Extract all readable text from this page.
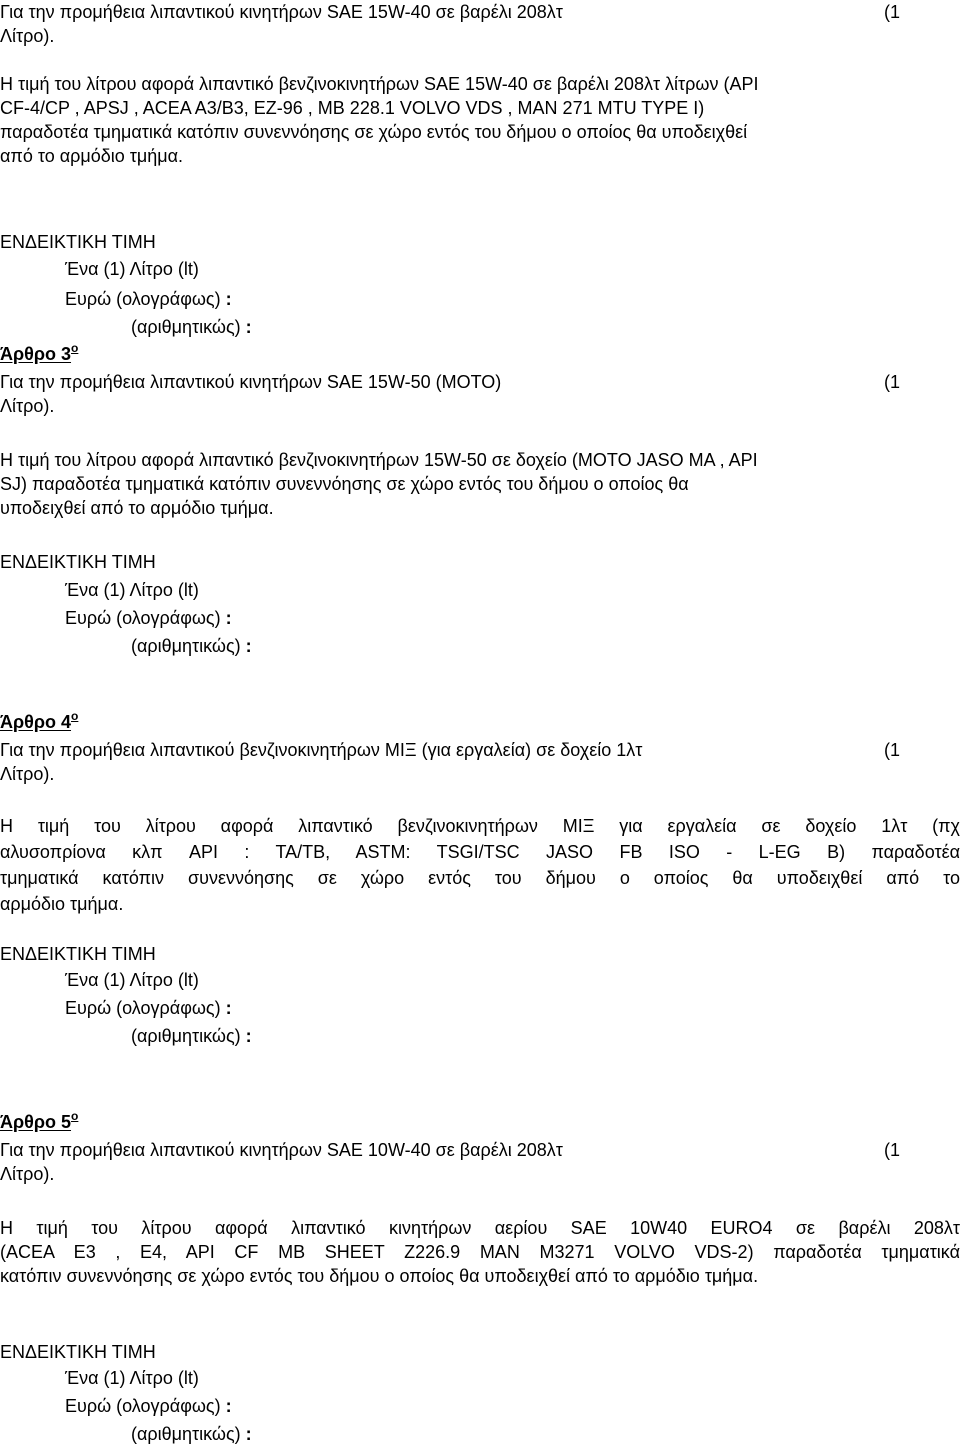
Για την προμήθεια λιπαντικού κινητήρων SAE 15W-40 σε βαρέλι 208λτ	(1
Λίτρο).
Η τιμή του λίτρου αφορά λιπαντικό βενζινοκινητήρων SAE 15W-40 σε βαρέλι 208λτ λίτρων (API
CF-4/CP , APSJ , ACEA A3/B3, EZ-96 , MB 228.1 VOLVO VDS , MAN 271 MTU TYPE I)
παραδοτέα τμηματικά κατόπιν συνεννόησης σε χώρο εντός του δήμου ο οποίος θα υποδειχθεί
από το αρμόδιο τμήμα.
ΕΝΔΕΙΚΤΙΚΗ ΤΙΜΗ
Ένα (1) Λίτρο (lt)
Ευρώ (ολογράφως) :
(αριθμητικώς) :
Άρθρο $3^o$
Για την προμήθεια λιπαντικού κινητήρων SAE 15W-50 (MOTO)	(1
Λίτρο).
Η τιμή του λίτρου αφορά λιπαντικό βενζινοκινητήρων 15W-50 σε δοχείο (MOTO JASO MA , API
SJ) παραδοτέα τμηματικά κατόπιν συνεννόησης σε χώρο εντός του δήμου ο οποίος θα
υποδειχθεί από το αρμόδιο τμήμα.
ΕΝΔΕΙΚΤΙΚΗ ΤΙΜΗ
Ένα (1) Λίτρο (lt)
Ευρώ (ολογράφως) :
(αριθμητικώς) :
Άρθρο $4^o$
Για την προμήθεια λιπαντικού βενζινοκινητήρων ΜΙΞ (για εργαλεία) σε δοχείο 1λτ	(1
Λίτρο).
Η τιμή του λίτρου αφορά λιπαντικό βενζινοκινητήρων ΜΙΞ για εργαλεία σε δοχείο 1λτ (πχ
αλυσοπρίονα κλπ API : TA/TB, ASTM: TSGI/TSC JASO FB ISO - L-EG B) παραδοτέα
τμηματικά κατόπιν συνεννόησης σε χώρο εντός του δήμου ο οποίος θα υποδειχθεί από το
αρμόδιο τμήμα.
ΕΝΔΕΙΚΤΙΚΗ ΤΙΜΗ
Ένα (1) Λίτρο (lt)
Ευρώ (ολογράφως) :
(αριθμητικώς) :
Άρθρο $5^o$
Για την προμήθεια λιπαντικού κινητήρων SAE 10W-40 σε βαρέλι 208λτ	(1
Λίτρο).
Η τιμή του λίτρου αφορά λιπαντικό κινητήρων αερίου SAE 10W40 EURO4 σε βαρέλι 208λτ
(ACEA E3 , E4, API CF MB SHEET Z226.9 MAN M3271 VOLVO VDS-2) παραδοτέα τμηματικά
κατόπιν συνεννόησης σε χώρο εντός του δήμου ο οποίος θα υποδειχθεί από το αρμόδιο τμήμα.
ΕΝΔΕΙΚΤΙΚΗ ΤΙΜΗ
Ένα (1) Λίτρο (lt)
Ευρώ (ολογράφως) :
(αριθμητικώς) :
